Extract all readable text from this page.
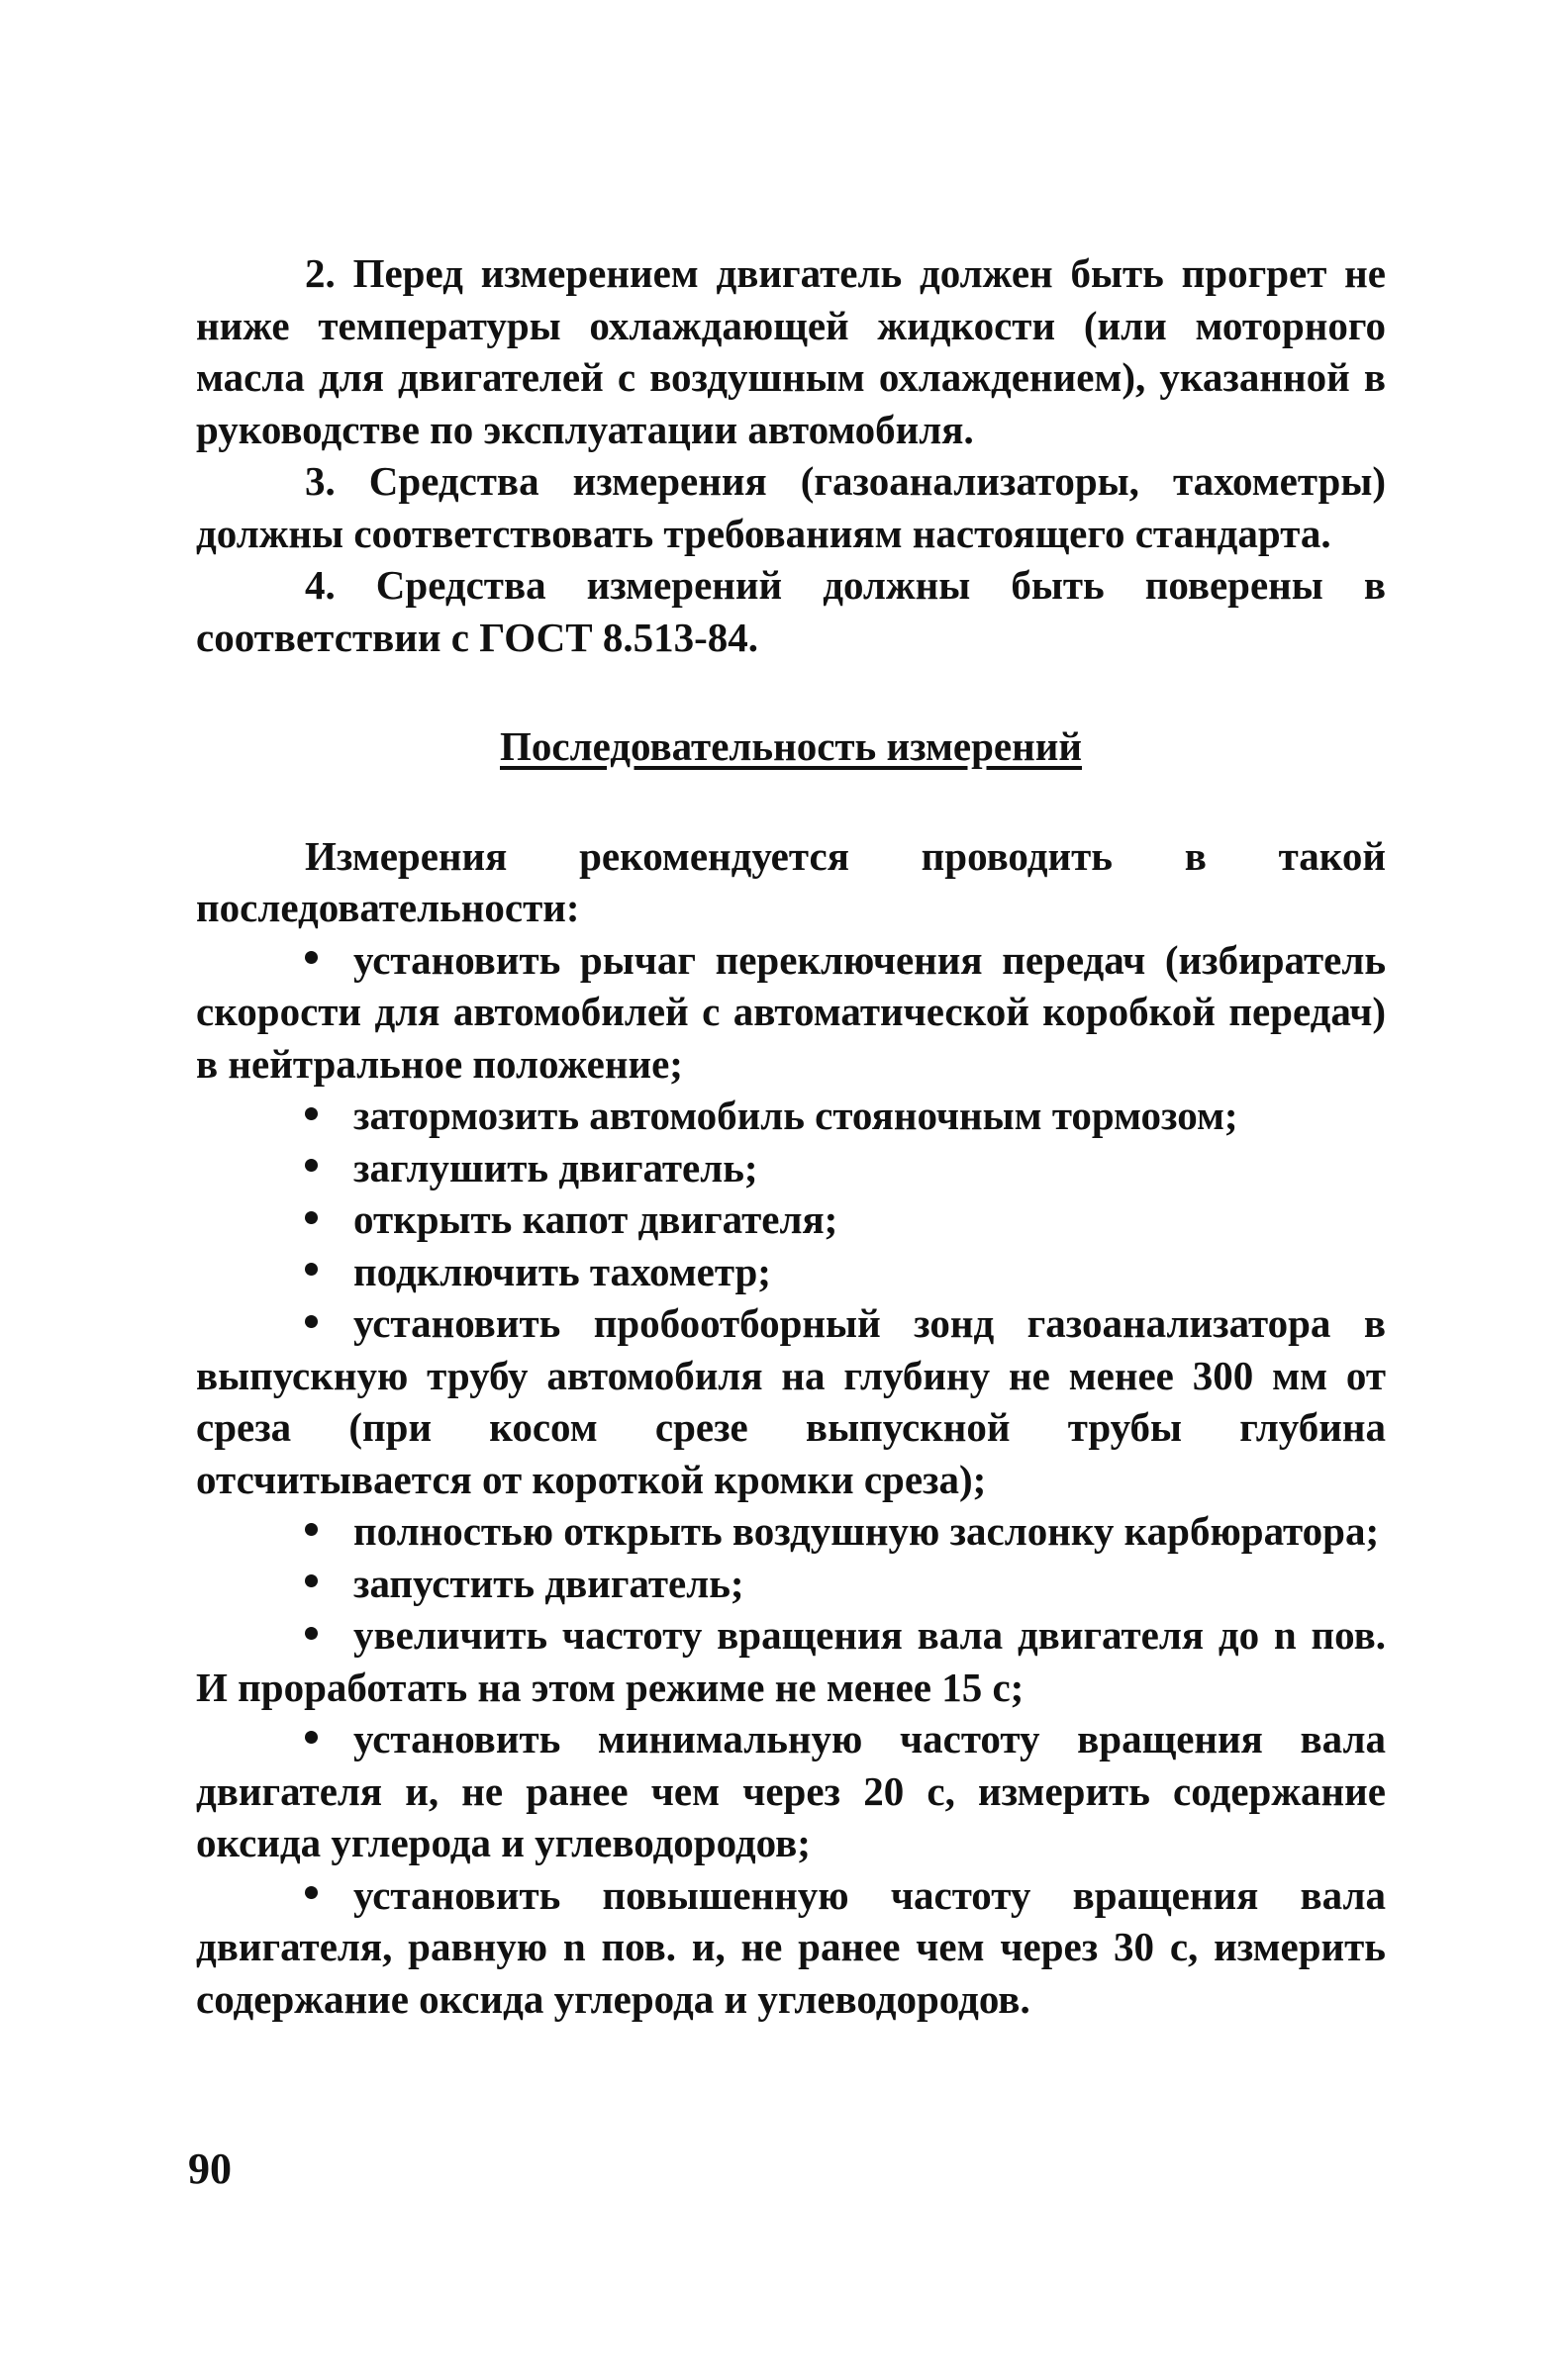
2. Перед измерением двигатель должен быть прогрет не ниже температуры охлаждающей жидкости (или моторного масла для двигателей с воздушным охлаждением), указанной в руководстве по эксплуатации автомобиля.

3. Средства измерения (газоанализаторы, тахометры) должны соответствовать требованиям настоящего стандарта.

4. Средства измерений должны быть поверены в соответствии с ГОСТ 8.513-84.

Последовательность измерений

Измерения рекомендуется проводить в такой последовательности:

установить рычаг переключения передач (избиратель скорости для автомобилей с автоматической коробкой передач) в нейтральное положение;
затормозить автомобиль стояночным тормозом;
заглушить двигатель;
открыть капот двигателя;
подключить тахометр;
установить пробоотборный зонд газоанализатора в выпускную трубу автомобиля на глубину не менее 300 мм от среза (при косом срезе выпускной трубы глубина отсчитывается от короткой кромки среза);
полностью открыть воздушную заслонку карбюратора;
запустить двигатель;
увеличить частоту вращения вала двигателя до n пов. И проработать на этом режиме не менее 15 с;
установить минимальную частоту вращения вала двигателя и, не ранее чем через 20 с, измерить содержание оксида углерода и углеводородов;
установить повышенную частоту вращения вала двигателя, равную n пов. и, не ранее чем через 30 с, измерить содержание оксида углерода и углеводородов.
90
